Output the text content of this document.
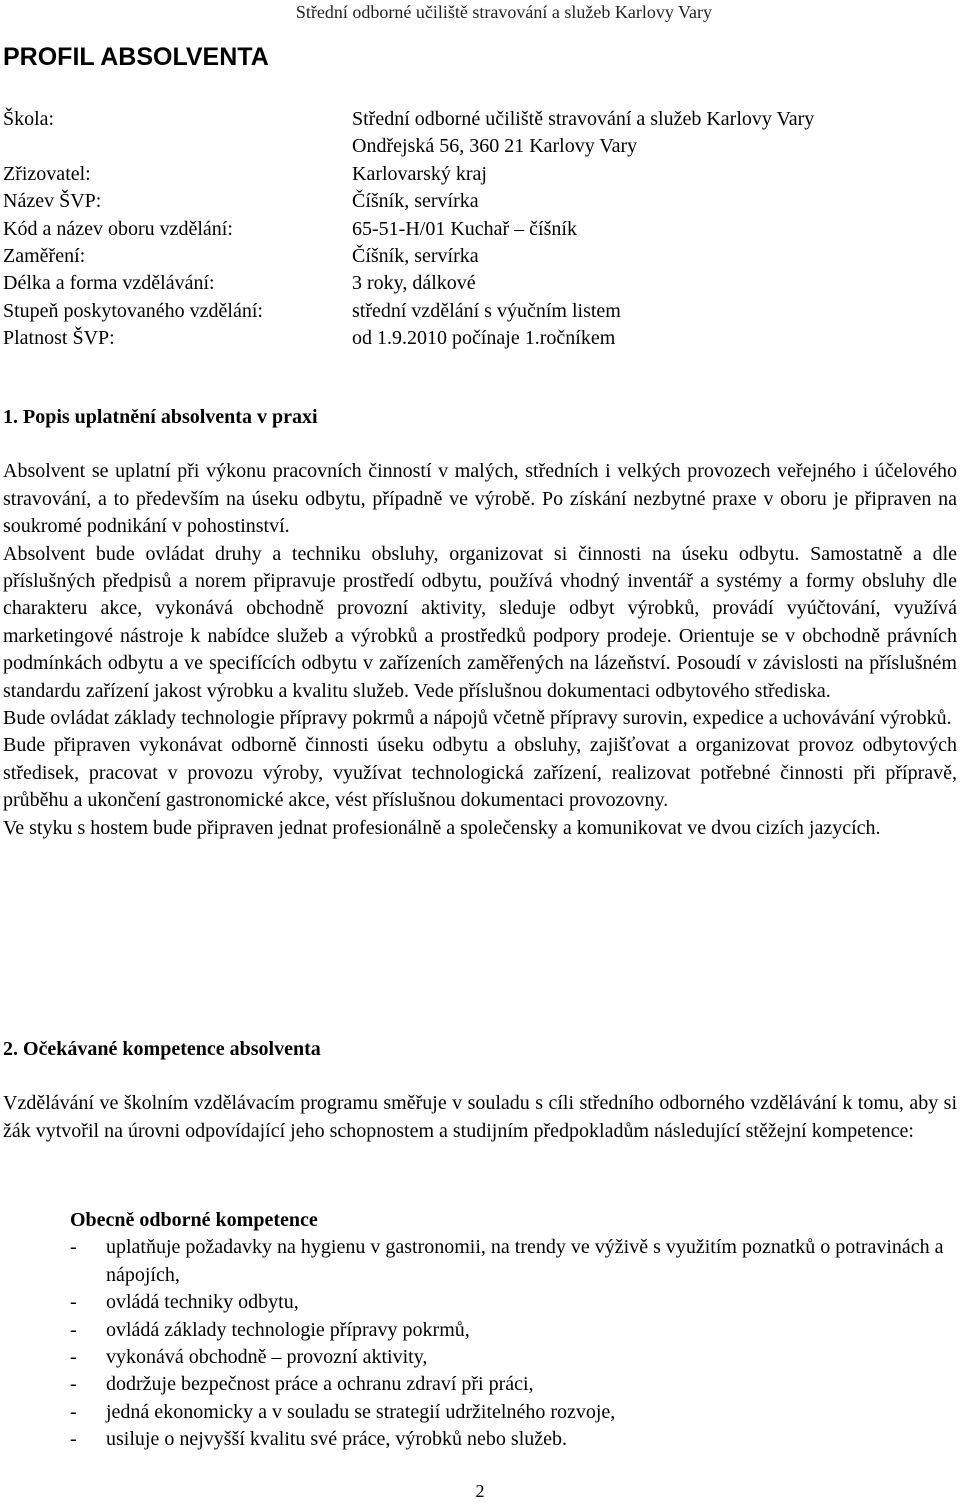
Střední odborné učiliště stravování a služeb Karlovy Vary
PROFIL ABSOLVENTA
Škola:	Střední odborné učiliště stravování a služeb Karlovy Vary
Ondřejská 56, 360 21 Karlovy Vary
Zřizovatel:	Karlovarský kraj
Název ŠVP:	Číšník, servírka
Kód a název oboru vzdělání:	65-51-H/01 Kuchař – číšník
Zaměření:	Číšník, servírka
Délka a forma vzdělávání:	3 roky, dálkové
Stupeň poskytovaného vzdělání:	střední vzdělání s výučním listem
Platnost ŠVP:	od 1.9.2010 počínaje 1.ročníkem
1. Popis uplatnění absolventa v praxi

Absolvent se uplatní při výkonu pracovních činností v malých, středních i velkých provozech veřejného i účelového stravování, a to především na úseku odbytu, případně ve výrobě. Po získání nezbytné praxe v oboru je připraven na soukromé podnikání v pohostinství.

Absolvent bude ovládat druhy a techniku obsluhy, organizovat si činnosti na úseku odbytu. Samostatně a dle příslušných předpisů a norem připravuje prostředí odbytu, používá vhodný inventář a systémy a formy obsluhy dle charakteru akce, vykonává obchodně provozní aktivity, sleduje odbyt výrobků, provádí vyúčtování, využívá marketingové nástroje k nabídce služeb a výrobků a prostředků podpory prodeje. Orientuje se v obchodně právních podmínkách odbytu a ve specifících odbytu v zařízeních zaměřených na lázeňství. Posoudí v závislosti na příslušném standardu zařízení jakost výrobku a kvalitu služeb. Vede příslušnou dokumentaci odbytového střediska.

Bude ovládat základy technologie přípravy pokrmů a nápojů včetně přípravy surovin, expedice a uchovávání výrobků.

Bude připraven vykonávat odborně činnosti úseku odbytu a obsluhy, zajišťovat a organizovat provoz odbytových středisek, pracovat v provozu výroby, využívat technologická zařízení, realizovat potřebné činnosti při přípravě, průběhu a ukončení gastronomické akce, vést příslušnou dokumentaci provozovny.

Ve styku s hostem bude připraven jednat profesionálně a společensky a komunikovat ve dvou cizích jazycích.

2. Očekávané kompetence absolventa

Vzdělávání ve školním vzdělávacím programu směřuje v souladu s cíli středního odborného vzdělávání k tomu, aby si žák vytvořil na úrovni odpovídající jeho schopnostem a studijním předpokladům následující stěžejní kompetence:

Obecně odborné kompetence
-	uplatňuje požadavky na hygienu v gastronomii, na trendy ve výživě s využitím poznatků o potravinách a nápojích,
-	ovládá techniky odbytu,
-	ovládá základy technologie přípravy pokrmů,
-	vykonává obchodně – provozní aktivity,
-	dodržuje bezpečnost práce a ochranu zdraví při práci,
-	jedná ekonomicky a v souladu se strategií udržitelného rozvoje,
-	usiluje o nejvyšší kvalitu své práce, výrobků nebo služeb.
2
